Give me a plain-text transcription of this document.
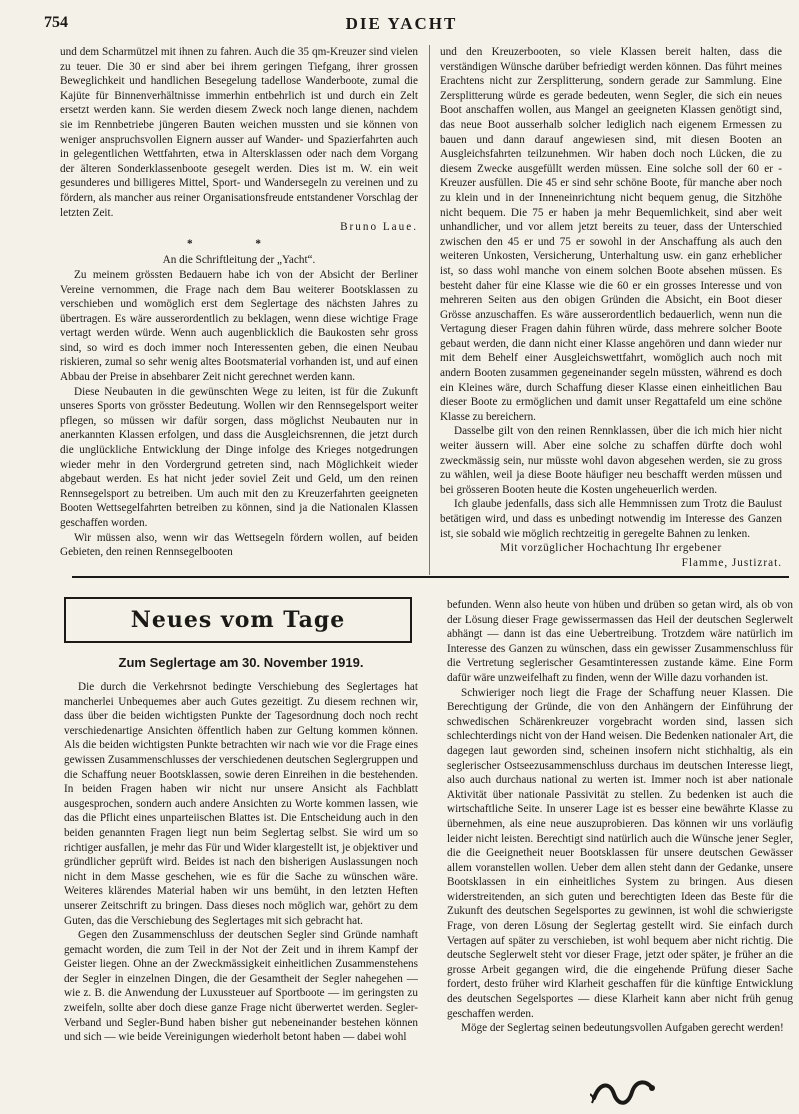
754	DIE YACHT

und dem Scharmützel mit ihnen zu fahren. Auch die 35 qm-Kreuzer sind vielen zu teuer. Die 30 er sind aber bei ihrem geringen Tiefgang, ihrer grossen Beweglichkeit und handlichen Besegelung tadellose Wanderboote, zumal die Kajüte für Binnenverhältnisse immerhin entbehrlich ist und durch ein Zelt ersetzt werden kann. Sie werden diesem Zweck noch lange dienen, nachdem sie im Rennbetriebe jüngeren Bauten weichen mussten und sie können von weniger anspruchsvollen Eignern ausser auf Wander- und Spazierfahrten auch in gelegentlichen Wettfahrten, etwa in Altersklassen oder nach dem Vorgang der älteren Sonderklassenboote gesegelt werden. Dies ist m. W. ein weit gesunderes und billigeres Mittel, Sport- und Wandersegeln zu vereinen und zu fördern, als mancher aus reiner Organisationsfreude entstandener Vorschlag der letzten Zeit.

Bruno Laue.
* *
An die Schriftleitung der „Yacht“.

Zu meinem grössten Bedauern habe ich von der Absicht der Berliner Vereine vernommen, die Frage nach dem Bau weiterer Bootsklassen zu verschieben und womöglich erst dem Seglertage des nächsten Jahres zu übertragen. Es wäre ausserordentlich zu beklagen, wenn diese wichtige Frage vertagt werden würde. Wenn auch augenblicklich die Baukosten sehr gross sind, so wird es doch immer noch Interessenten geben, die einen Neubau riskieren, zumal so sehr wenig altes Bootsmaterial vorhanden ist, und auf einen Abbau der Preise in absehbarer Zeit nicht gerechnet werden kann.

Diese Neubauten in die gewünschten Wege zu leiten, ist für die Zukunft unseres Sports von grösster Bedeutung. Wollen wir den Rennsegelsport weiter pflegen, so müssen wir dafür sorgen, dass möglichst Neubauten nur in anerkannten Klassen erfolgen, und dass die Ausgleichsrennen, die jetzt durch die unglückliche Entwicklung der Dinge infolge des Krieges notgedrungen wieder mehr in den Vordergrund getreten sind, nach Möglichkeit wieder abgebaut werden. Es hat nicht jeder soviel Zeit und Geld, um den reinen Rennsegelsport zu betreiben. Um auch mit den zu Kreuzerfahrten geeigneten Booten Wettsegelfahrten betreiben zu können, sind ja die Nationalen Klassen geschaffen worden.

Wir müssen also, wenn wir das Wettsegeln fördern wollen, auf beiden Gebieten, den reinen Rennsegelbooten

und den Kreuzerbooten, so viele Klassen bereit halten, dass die verständigen Wünsche darüber befriedigt werden können. Das führt meines Erachtens nicht zur Zersplitterung, sondern gerade zur Sammlung. Eine Zersplitterung würde es gerade bedeuten, wenn Segler, die sich ein neues Boot anschaffen wollen, aus Mangel an geeigneten Klassen genötigt sind, das neue Boot ausserhalb solcher lediglich nach eigenem Ermessen zu bauen und dann darauf angewiesen sind, mit diesen Booten an Ausgleichsfahrten teilzunehmen. Wir haben doch noch Lücken, die zu diesem Zwecke ausgefüllt werden müssen. Eine solche soll der 60 er - Kreuzer ausfüllen. Die 45 er sind sehr schöne Boote, für manche aber noch zu klein und in der Inneneinrichtung nicht bequem genug, die Sitzhöhe nicht bequem. Die 75 er haben ja mehr Bequemlichkeit, sind aber weit unhandlicher, und vor allem jetzt bereits zu teuer, dass der Unterschied zwischen den 45 er und 75 er sowohl in der Anschaffung als auch den weiteren Unkosten, Versicherung, Unterhaltung usw. ein ganz erheblicher ist, so dass wohl manche von einem solchen Boote absehen müssen. Es besteht daher für eine Klasse wie die 60 er ein grosses Interesse und von mehreren Seiten aus den obigen Gründen die Absicht, ein Boot dieser Grösse anzuschaffen. Es wäre ausserordentlich bedauerlich, wenn nun die Vertagung dieser Fragen dahin führen würde, dass mehrere solcher Boote gebaut werden, die dann nicht einer Klasse angehören und dann wieder nur mit dem Behelf einer Ausgleichswettfahrt, womöglich auch noch mit andern Booten zusammen gegeneinander segeln müssten, während es doch ein Kleines wäre, durch Schaffung dieser Klasse einen einheitlichen Bau dieser Boote zu ermöglichen und damit unser Regattafeld um eine schöne Klasse zu bereichern.

Dasselbe gilt von den reinen Rennklassen, über die ich mich hier nicht weiter äussern will. Aber eine solche zu schaffen dürfte doch wohl zweckmässig sein, nur müsste wohl davon abgesehen werden, sie zu gross zu wählen, weil ja diese Boote häufiger neu beschafft werden müssen und bei grösseren Booten heute die Kosten ungeheuerlich werden.

Ich glaube jedenfalls, dass sich alle Hemmnissen zum Trotz die Baulust betätigen wird, und dass es unbedingt notwendig im Interesse des Ganzen ist, sie sobald wie möglich rechtzeitig in geregelte Bahnen zu lenken.

Mit vorzüglicher Hochachtung Ihr ergebener
Flamme, Justizrat.
Neues vom Tage
Zum Seglertage am 30. November 1919.

Die durch die Verkehrsnot bedingte Verschiebung des Seglertages hat mancherlei Unbequemes aber auch Gutes gezeitigt. Zu diesem rechnen wir, dass über die beiden wichtigsten Punkte der Tagesordnung doch noch recht verschiedenartige Ansichten öffentlich haben zur Geltung kommen können. Als die beiden wichtigsten Punkte betrachten wir nach wie vor die Frage eines gewissen Zusammenschlusses der verschiedenen deutschen Seglergruppen und die Schaffung neuer Bootsklassen, sowie deren Einreihen in die bestehenden. In beiden Fragen haben wir nicht nur unsere Ansicht als Fachblatt ausgesprochen, sondern auch andere Ansichten zu Worte kommen lassen, wie das die Pflicht eines unparteiischen Blattes ist. Die Entscheidung auch in den beiden genannten Fragen liegt nun beim Seglertag selbst. Sie wird um so richtiger ausfallen, je mehr das Für und Wider klargestellt ist, je objektiver und gründlicher geprüft wird. Beides ist nach den bisherigen Auslassungen noch nicht in dem Masse geschehen, wie es für die Sache zu wünschen wäre. Weiteres klärendes Material haben wir uns bemüht, in den letzten Heften unserer Zeitschrift zu bringen. Dass dieses noch möglich war, gehört zu dem Guten, das die Verschiebung des Seglertages mit sich gebracht hat.

Gegen den Zusammenschluss der deutschen Segler sind Gründe namhaft gemacht worden, die zum Teil in der Not der Zeit und in ihrem Kampf der Geister liegen. Ohne an der Zweckmässigkeit einheitlichen Zusammenstehens der Segler in einzelnen Dingen, die der Gesamtheit der Segler nahegehen — wie z. B. die Anwendung der Luxussteuer auf Sportboote — im geringsten zu zweifeln, sollte aber doch diese ganze Frage nicht überwertet werden. Segler-Verband und Segler-Bund haben bisher gut nebeneinander bestehen können und sich — wie beide Vereinigungen wiederholt betont haben — dabei wohl

befunden. Wenn also heute von hüben und drüben so getan wird, als ob von der Lösung dieser Frage gewissermassen das Heil der deutschen Seglerwelt abhängt — dann ist das eine Uebertreibung. Trotzdem wäre natürlich im Interesse des Ganzen zu wünschen, dass ein gewisser Zusammenschluss für die Vertretung seglerischer Gesamtinteressen zustande käme. Eine Form dafür wäre unzweifelhaft zu finden, wenn der Wille dazu vorhanden ist.

Schwieriger noch liegt die Frage der Schaffung neuer Klassen. Die Berechtigung der Gründe, die von den Anhängern der Einführung der schwedischen Schärenkreuzer vorgebracht worden sind, lassen sich schlechterdings nicht von der Hand weisen. Die Bedenken nationaler Art, die dagegen laut geworden sind, scheinen insofern nicht stichhaltig, als ein seglerischer Ostseezusammenschluss durchaus im deutschen Interesse liegt, also auch durchaus national zu werten ist. Immer noch ist aber nationale Aktivität über nationale Passivität zu stellen. Zu bedenken ist auch die wirtschaftliche Seite. In unserer Lage ist es besser eine bewährte Klasse zu übernehmen, als eine neue auszuprobieren. Das können wir uns vorläufig leider nicht leisten. Berechtigt sind natürlich auch die Wünsche jener Segler, die die Geeignetheit neuer Bootsklassen für unsere deutschen Gewässer allem voranstellen wollen. Ueber dem allen steht dann der Gedanke, unsere Bootsklassen in ein einheitliches System zu bringen. Aus diesen widerstreitenden, an sich guten und berechtigten Ideen das Beste für die Zukunft des deutschen Segelsportes zu gewinnen, ist wohl die schwierigste Frage, von deren Lösung der Seglertag gestellt wird. Sie einfach durch Vertagen auf später zu verschieben, ist wohl bequem aber nicht richtig. Die deutsche Seglerwelt steht vor dieser Frage, jetzt oder später, je früher an die grosse Arbeit gegangen wird, die die eingehende Prüfung dieser Sache fordert, desto früher wird Klarheit geschaffen für die künftige Entwicklung des deutschen Segelsportes — diese Klarheit kann aber nicht früh genug geschaffen werden.

Möge der Seglertag seinen bedeutungsvollen Aufgaben gerecht werden!
